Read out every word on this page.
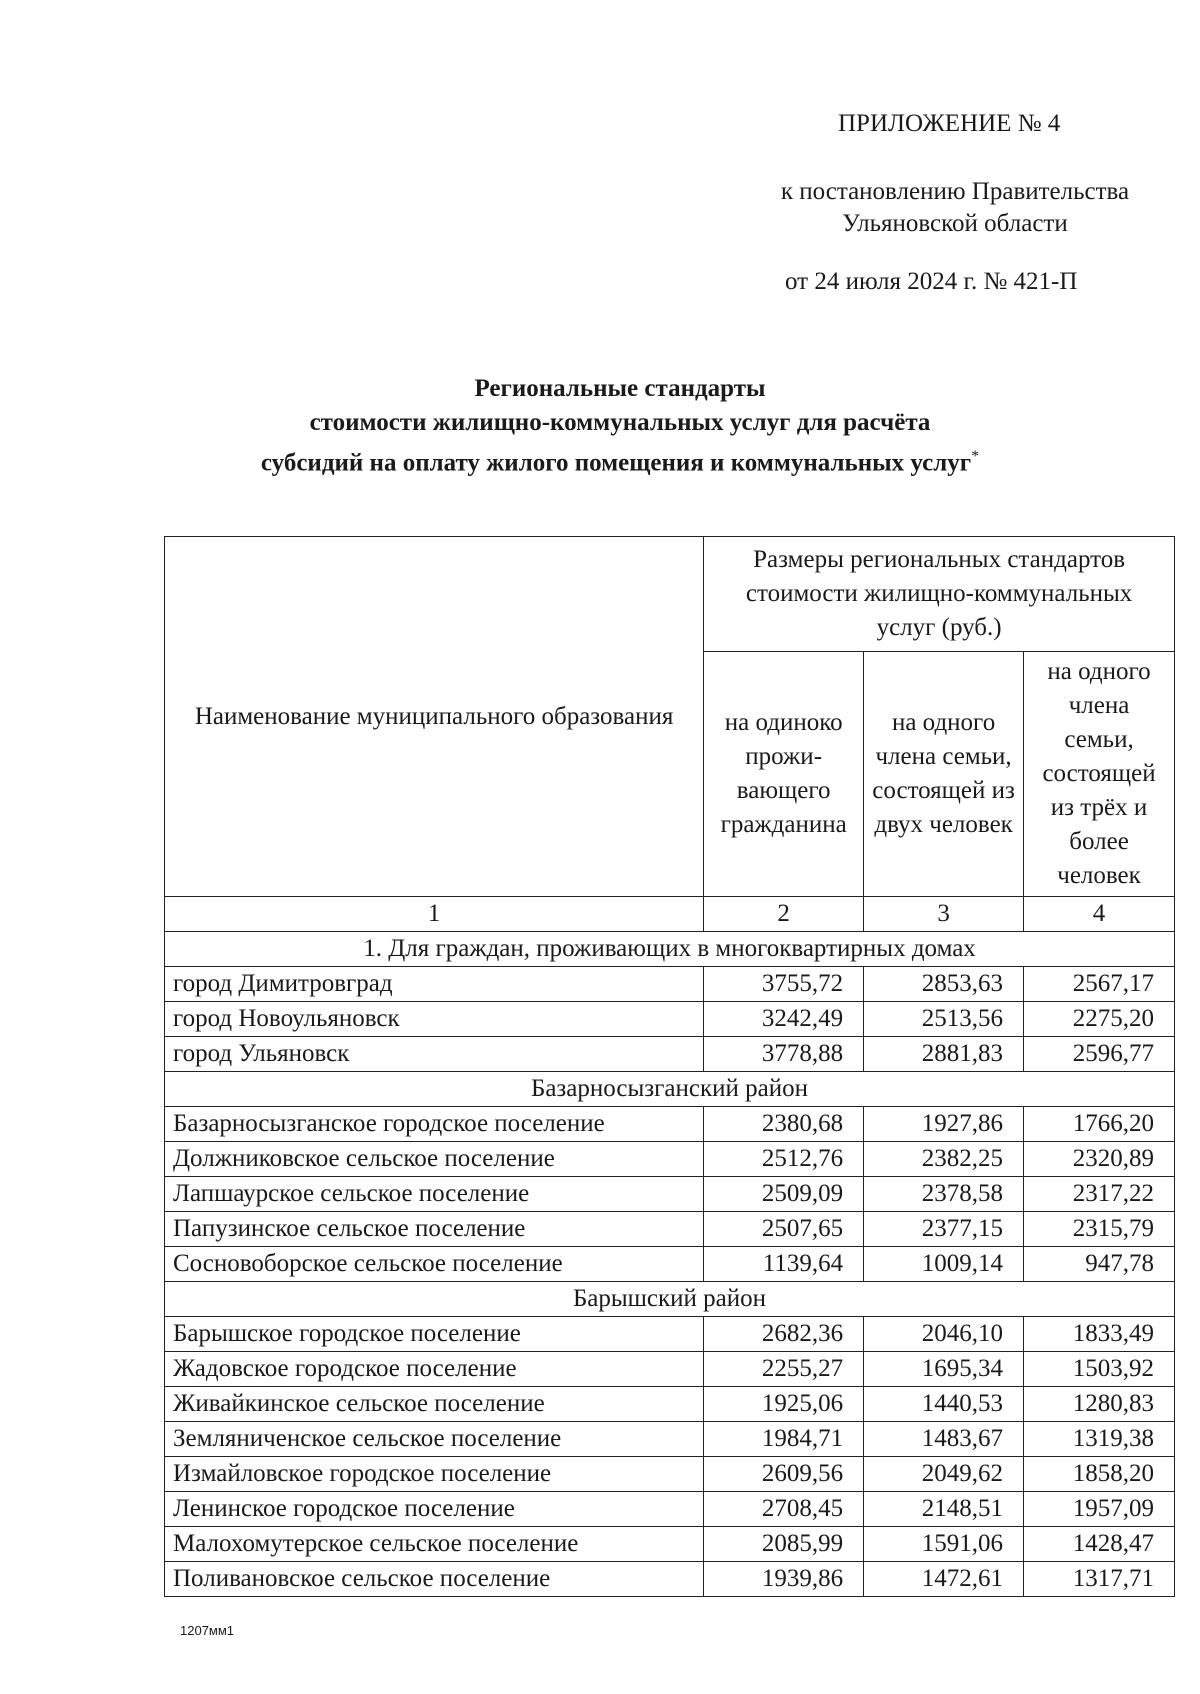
ПРИЛОЖЕНИЕ № 4
к постановлению Правительства
Ульяновской области
от 24 июля 2024 г. № 421-П
Региональные стандарты
стоимости жилищно-коммунальных услуг для расчёта
субсидий на оплату жилого помещения и коммунальных услуг*
Наименование муниципального образования	Размеры региональных стандартов стоимости жилищно-коммунальных услуг (руб.)		
	на одиноко прожи-вающего гражданина	на одного члена семьи, состоящей из двух человек	на одного члена семьи, состоящей из трёх и более человек
1	2	3	4
1. Для граждан, проживающих в многоквартирных домах			
город Димитровград	3755,72	2853,63	2567,17
город Новоульяновск	3242,49	2513,56	2275,20
город Ульяновск	3778,88	2881,83	2596,77
Базарносызганский район			
Базарносызганское городское поселение	2380,68	1927,86	1766,20
Должниковское сельское поселение	2512,76	2382,25	2320,89
Лапшаурское сельское поселение	2509,09	2378,58	2317,22
Папузинское сельское поселение	2507,65	2377,15	2315,79
Сосновоборское сельское поселение	1139,64	1009,14	947,78
Барышский район			
Барышское городское поселение	2682,36	2046,10	1833,49
Жадовское городское поселение	2255,27	1695,34	1503,92
Живайкинское сельское поселение	1925,06	1440,53	1280,83
Земляниченское сельское поселение	1984,71	1483,67	1319,38
Измайловское городское поселение	2609,56	2049,62	1858,20
Ленинское городское поселение	2708,45	2148,51	1957,09
Малохомутерское сельское поселение	2085,99	1591,06	1428,47
Поливановское сельское поселение	1939,86	1472,61	1317,71
1207мм1
